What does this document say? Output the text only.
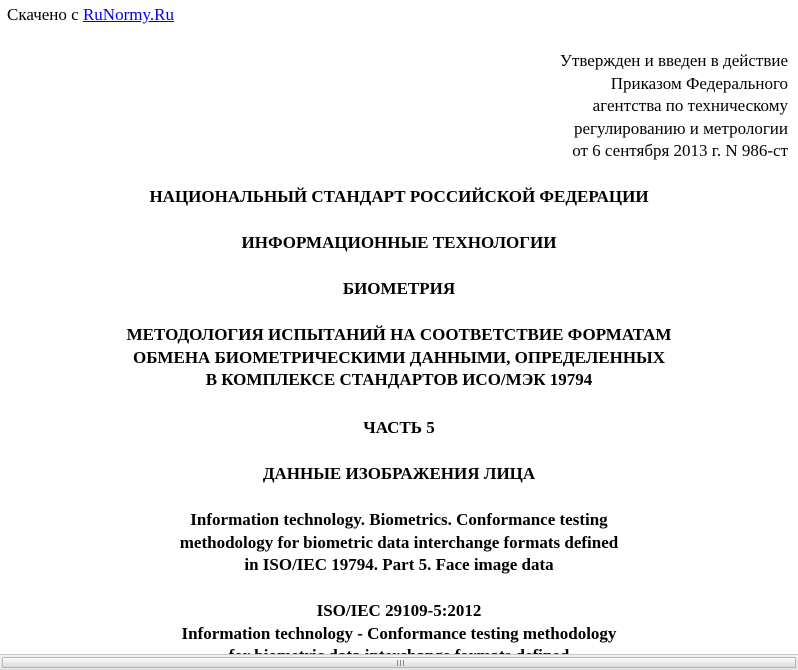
Скачено с RuNormy.Ru
Утвержден и введен в действие
Приказом Федерального
агентства по техническому
регулированию и метрологии
от 6 сентября 2013 г. N 986-ст
НАЦИОНАЛЬНЫЙ СТАНДАРТ РОССИЙСКОЙ ФЕДЕРАЦИИ
ИНФОРМАЦИОННЫЕ ТЕХНОЛОГИИ
БИОМЕТРИЯ
МЕТОДОЛОГИЯ ИСПЫТАНИЙ НА СООТВЕТСТВИЕ ФОРМАТАМ
ОБМЕНА БИОМЕТРИЧЕСКИМИ ДАННЫМИ, ОПРЕДЕЛЕННЫХ
В КОМПЛЕКСЕ СТАНДАРТОВ ИСО/МЭК 19794
ЧАСТЬ 5
ДАННЫЕ ИЗОБРАЖЕНИЯ ЛИЦА
Information technology. Biometrics. Conformance testing
methodology for biometric data interchange formats defined
in ISO/IEC 19794. Part 5. Face image data
ISO/IEC 29109-5:2012
Information technology - Conformance testing methodology
